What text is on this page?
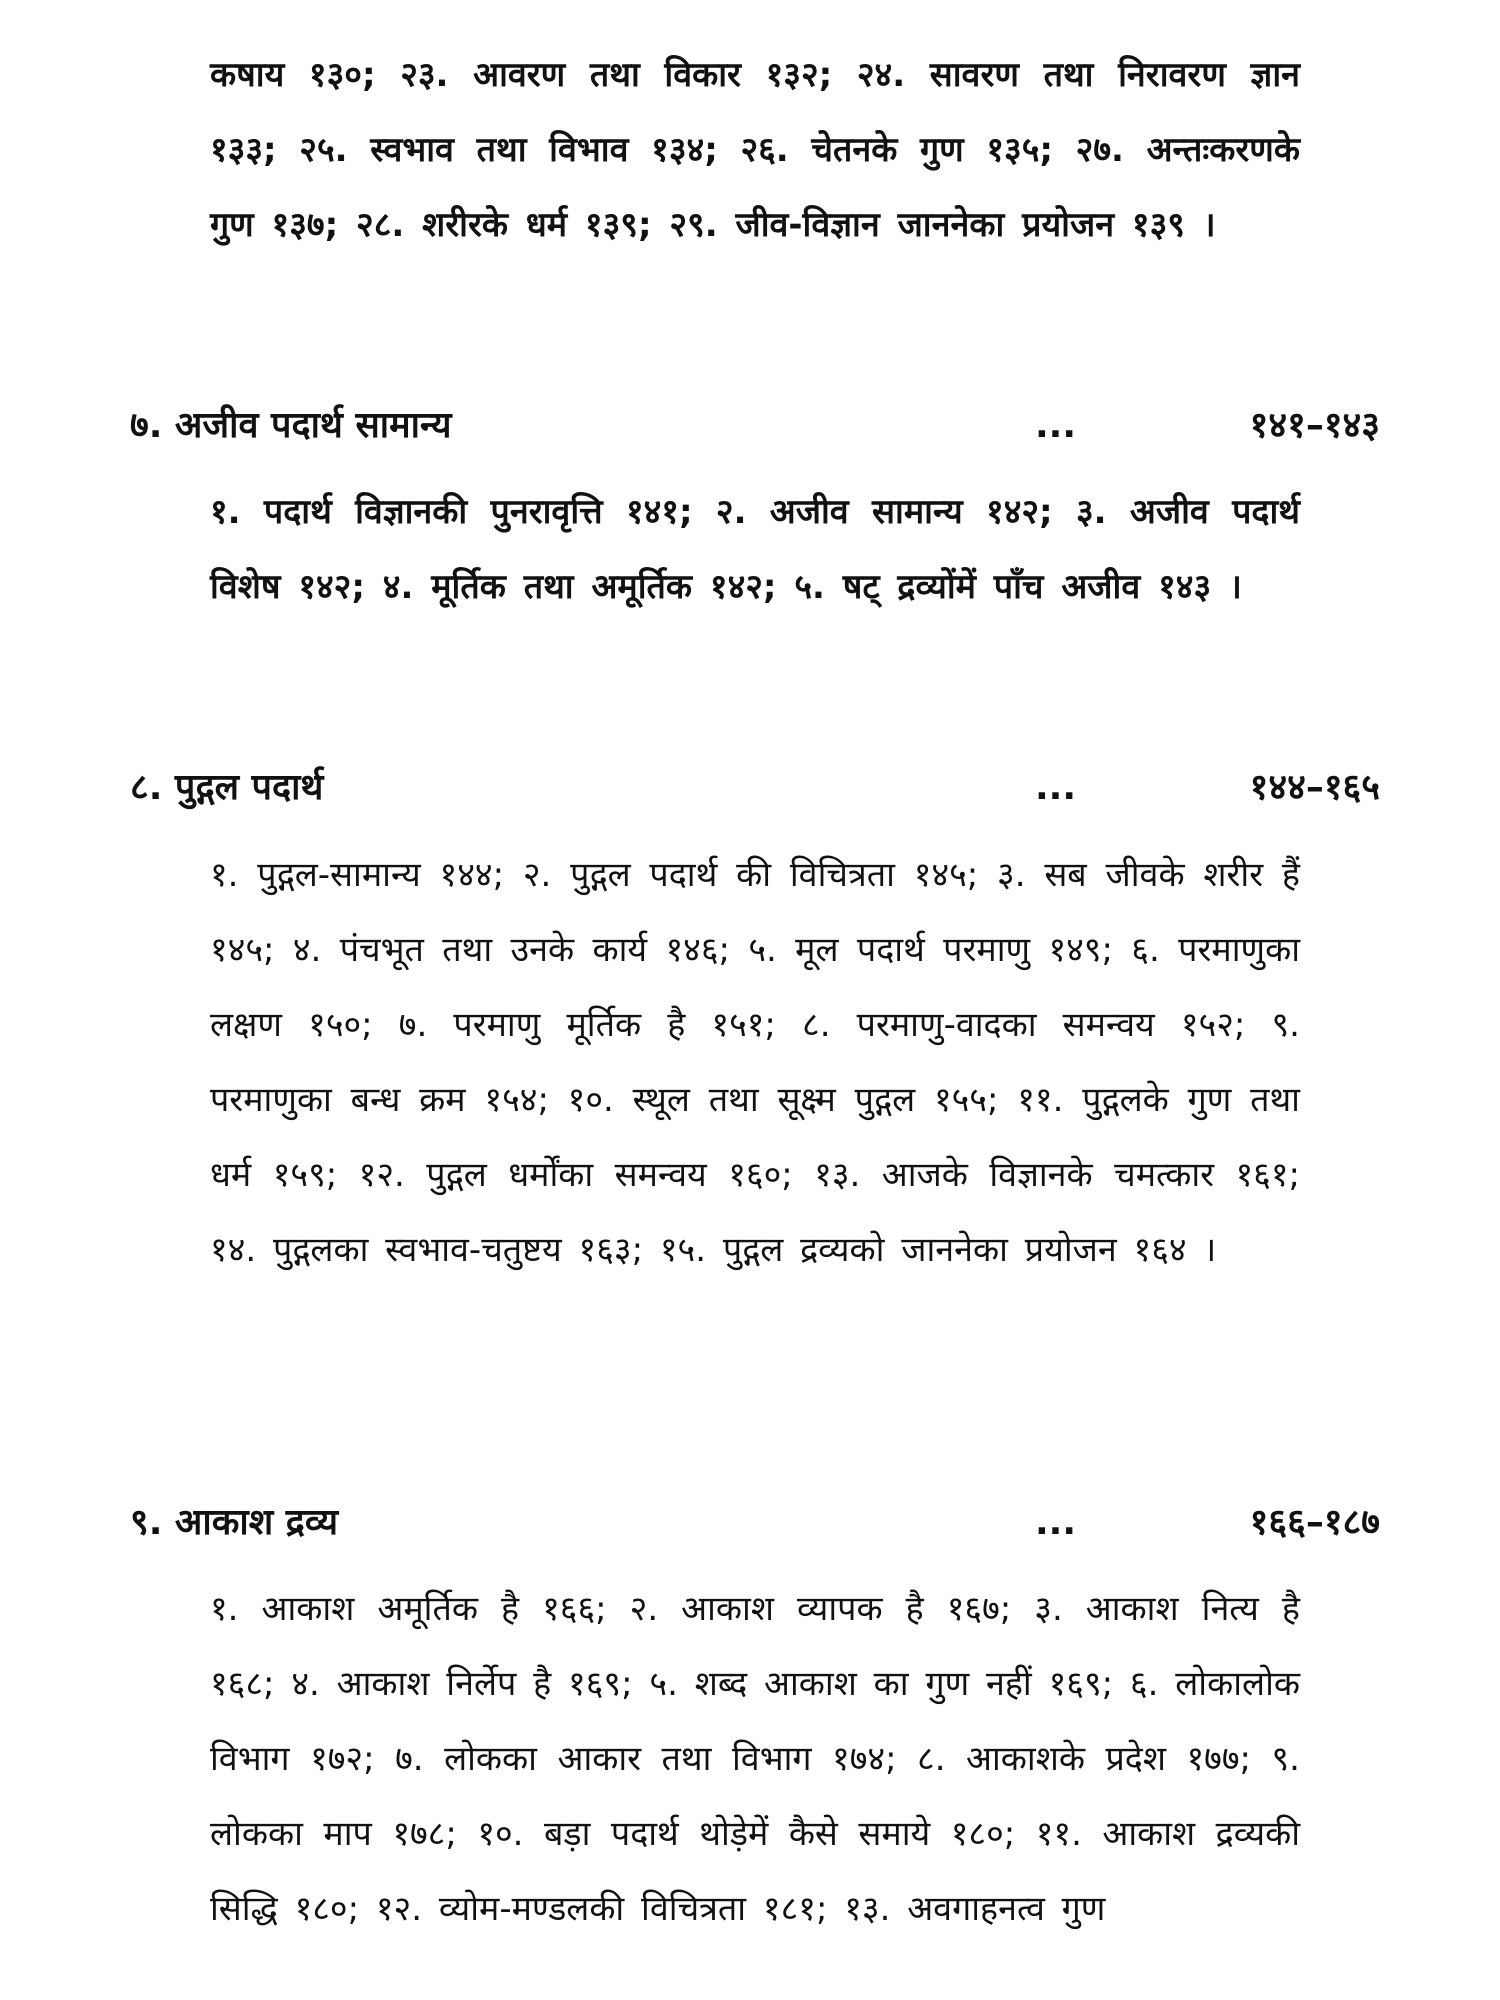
कषाय १३०; २३. आवरण तथा विकार १३२; २४. सावरण तथा निरावरण ज्ञान १३३; २५. स्वभाव तथा विभाव १३४; २६. चेतनके गुण १३५; २७. अन्तःकरणके गुण १३७; २८. शरीरके धर्म १३९; २९. जीव-विज्ञान जाननेका प्रयोजन १३९ ।
७. अजीव पदार्थ सामान्य	...	१४१–१४३
१. पदार्थ विज्ञानकी पुनरावृत्ति १४१; २. अजीव सामान्य १४२; ३. अजीव पदार्थ विशेष १४२; ४. मूर्तिक तथा अमूर्तिक १४२; ५. षट् द्रव्योंमें पाँच अजीव १४३ ।
८. पुद्गल पदार्थ	...	१४४–१६५
१. पुद्गल-सामान्य १४४; २. पुद्गल पदार्थ की विचित्रता १४५; ३. सब जीवके शरीर हैं १४५; ४. पंचभूत तथा उनके कार्य १४६; ५. मूल पदार्थ परमाणु १४९; ६. परमाणुका लक्षण १५०; ७. परमाणु मूर्तिक है १५१; ८. परमाणु-वादका समन्वय १५२; ९. परमाणुका बन्ध क्रम १५४; १०. स्थूल तथा सूक्ष्म पुद्गल १५५; ११. पुद्गलके गुण तथा धर्म १५९; १२. पुद्गल धर्मोंका समन्वय १६०; १३. आजके विज्ञानके चमत्कार १६१; १४. पुद्गलका स्वभाव-चतुष्टय १६३; १५. पुद्गल द्रव्यको जाननेका प्रयोजन १६४ ।
९. आकाश द्रव्य	...	१६६–१८७
१. आकाश अमूर्तिक है १६६; २. आकाश व्यापक है १६७; ३. आकाश नित्य है १६८; ४. आकाश निर्लेप है १६९; ५. शब्द आकाश का गुण नहीं १६९; ६. लोकालोक विभाग १७२; ७. लोकका आकार तथा विभाग १७४; ८. आकाशके प्रदेश १७७; ९. लोकका माप १७८; १०. बड़ा पदार्थ थोड़ेमें कैसे समाये १८०; ११. आकाश द्रव्यकी सिद्धि १८०; १२. व्योम-मण्डलकी विचित्रता १८१; १३. अवगाहनत्व गुण
